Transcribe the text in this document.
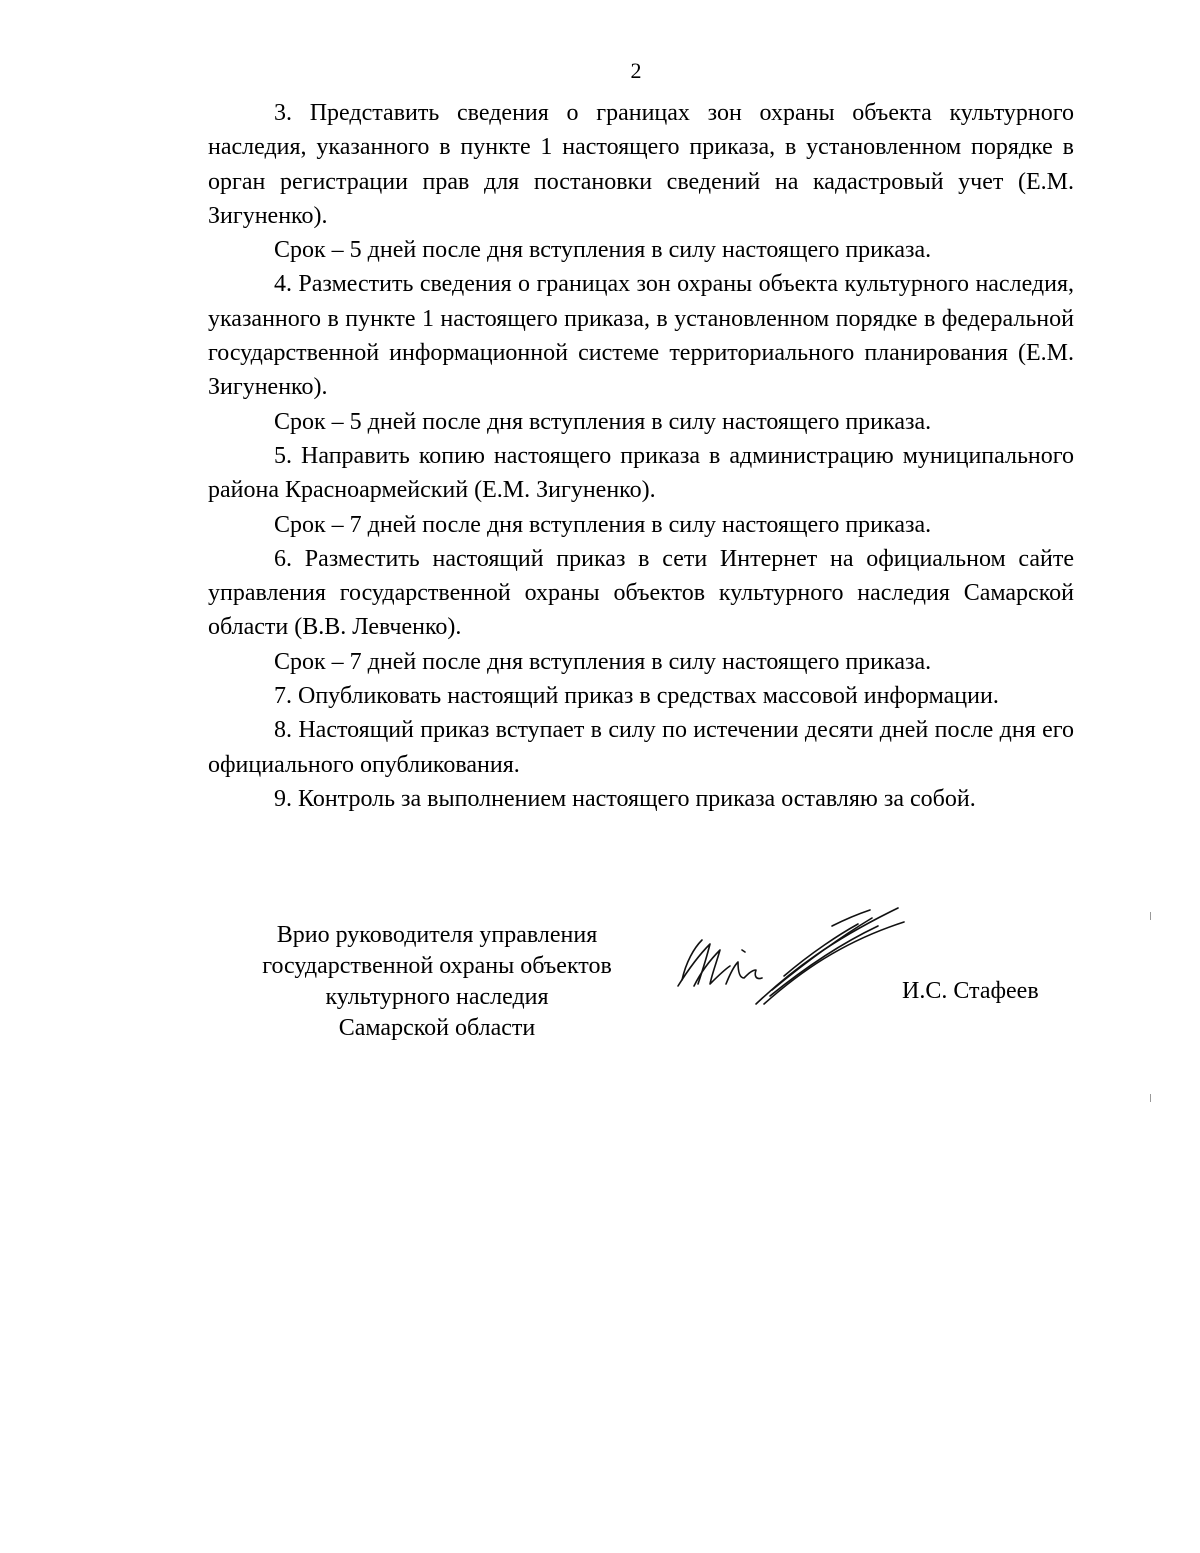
2

3. Представить сведения о границах зон охраны объекта культурного наследия, указанного в пункте 1 настоящего приказа, в установленном порядке в орган регистрации прав для постановки сведений на кадастровый учет (Е.М. Зигуненко).

Срок – 5 дней после дня вступления в силу настоящего приказа.

4. Разместить сведения о границах зон охраны объекта культурного наследия, указанного в пункте 1 настоящего приказа, в установленном порядке в федеральной государственной информационной системе территориального планирования (Е.М. Зигуненко).

Срок – 5 дней после дня вступления в силу настоящего приказа.

5. Направить копию настоящего приказа в администрацию муниципального района Красноармейский (Е.М. Зигуненко).

Срок – 7 дней после дня вступления в силу настоящего приказа.

6. Разместить настоящий приказ в сети Интернет на официальном сайте управления государственной охраны объектов культурного наследия Самарской области (В.В. Левченко).

Срок – 7 дней после дня вступления в силу настоящего приказа.

7. Опубликовать настоящий приказ в средствах массовой информации.

8. Настоящий приказ вступает в силу по истечении десяти дней после дня его официального опубликования.

9. Контроль за выполнением настоящего приказа оставляю за собой.

Врио руководителя управления
государственной охраны объектов
культурного наследия
Самарской области
И.С. Стафеев
